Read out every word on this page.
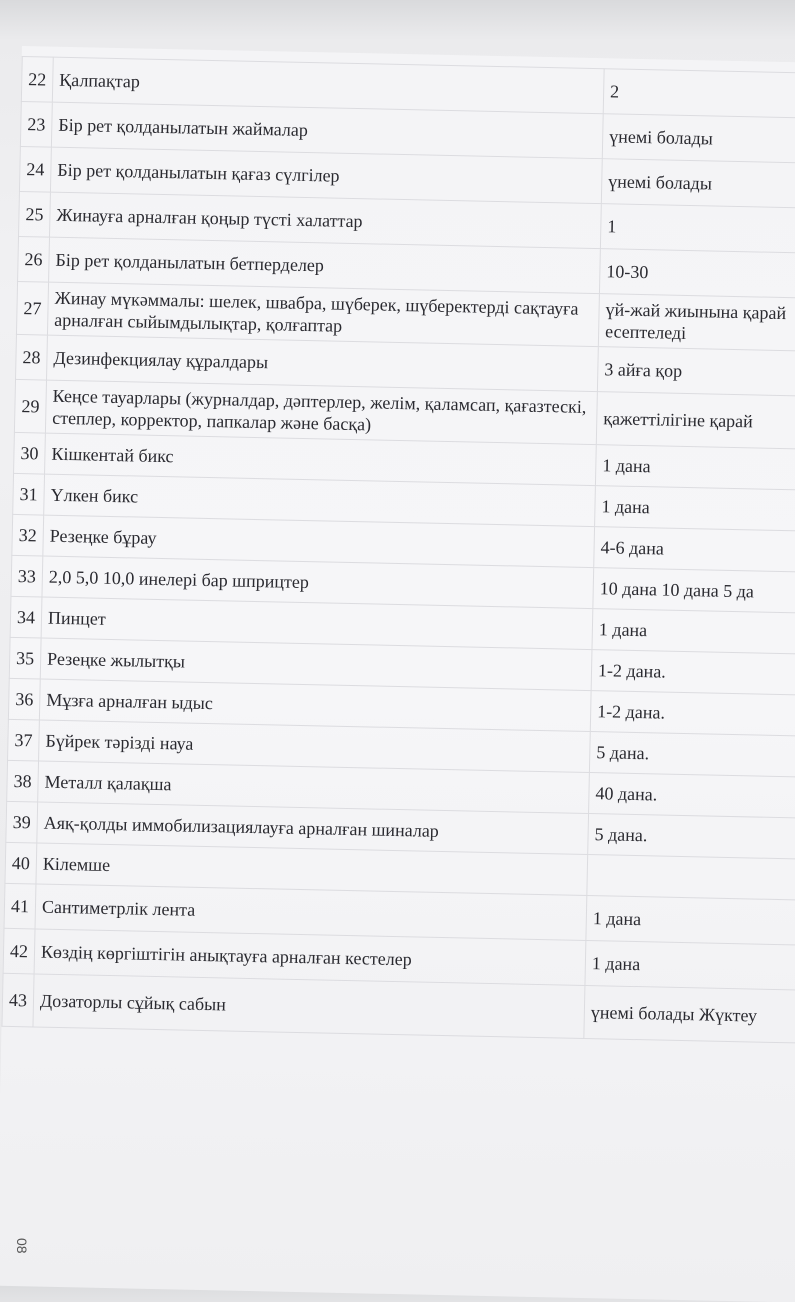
22	Қалпақтар	2
23	Бір рет қолданылатын жаймалар	үнемі болады
24	Бір рет қолданылатын қағаз сүлгілер	үнемі болады
25	Жинауға арналған қоңыр түсті халаттар	1
26	Бір рет қолданылатын бетперделер	10-30
27	Жинау мүкәммалы: шелек, швабра, шүберек, шүберектерді сақтауға арналған сыйымдылықтар, қолғаптар	үй-жай жиынына қарай есептеледі
28	Дезинфекциялау құралдары	3 айға қор
29	Кеңсе тауарлары (журналдар, дәптерлер, желім, қаламсап, қағазтескі, степлер, корректор, папкалар және басқа)	қажеттілігіне қарай
30	Кішкентай бикс	1 дана
31	Үлкен бикс	1 дана
32	Резеңке бұрау	4-6 дана
33	2,0 5,0 10,0 инелері бар шприцтер	10 дана 10 дана 5 да
34	Пинцет	1 дана
35	Резеңке жылытқы	1-2 дана.
36	Мұзға арналған ыдыс	1-2 дана.
37	Бүйрек тәрізді науа	5 дана.
38	Металл қалақша	40 дана.
39	Аяқ-қолды иммобилизациялауға арналған шиналар	5 дана.
40	Кілемше	
41	Сантиметрлік лента	1 дана
42	Көздің көргіштігін анықтауға арналған кестелер	1 дана
43	Дозаторлы сұйық сабын	үнемі болады Жүктеу
08
